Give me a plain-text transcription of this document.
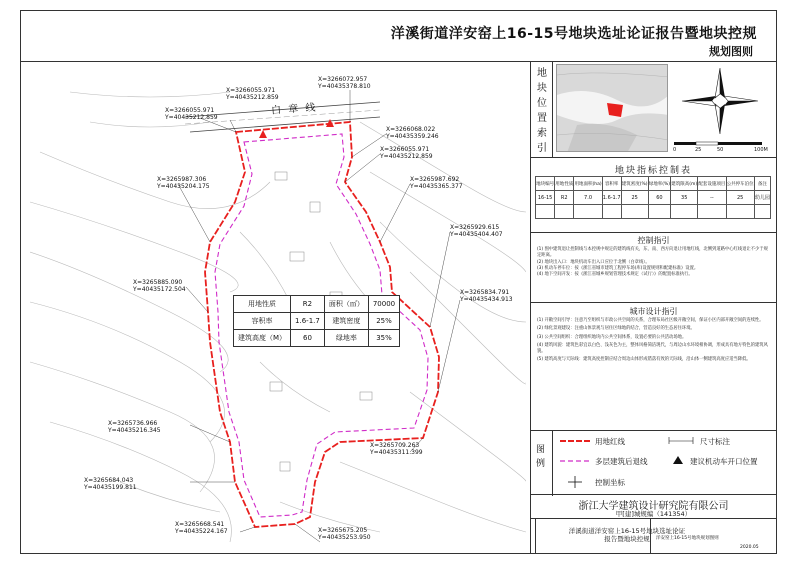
洋溪街道洋安窑上16-15号地块选址论证报告暨地块控规
规划图则
白 章 线
X=3266055.971
Y=40435212.859
X=3266072.957
Y=40435378.810
X=3266055.971
Y=40435212.859
X=3266068.022
Y=40435359.246
X=3266055.971
Y=40435212.859
X=3265987.306
Y=40435204.175
X=3265987.692
Y=40435365.377
X=3265929.615
Y=40435404.407
X=3265885.090
Y=40435172.504	X=3265834.791
Y=40435434.913
X=3265736.966
Y=40435216.345
X=3265709.263
Y=40435311.399
X=3265684.043
Y=40435199.811
X=3265668.541
Y=40435224.167	X=3265675.205
Y=40435253.950
用地性质	R2	面积（㎡）	70000
容积率	1.6-1.7	建筑密度	25%
建筑高度（M）	60	绿地率	35%
地
块
位
置
索
引	0	25	50	100M
地块指标控制表
地块编号	用地性质	用地面积(ha)	容积率	建筑密度(%)	绿地率(%)	建筑限高(m)	配套设施项目	公共停车泊位	备注
16-15	R2	7.0	1.6-1.7	25	60	35	--	25	幼儿园

控制指引
(1) 图中建筑退让控制线与本控规中规定的建筑线有关，东、南、西方向退让用地红线，北侧到道路中心红线退让不少于规定距离。
(2) 地块出入口：地块机动车出入口应位于北侧（白章线）。
(3) 机动车停车位：按《浙江省城市建筑工程停车场(库)设置规则和配建标准》设置。
(4) 地下空间开发：按《浙江省城乡规划管理技术规定（试行）》的配置标准执行。
城市设计指引
(1) 开敞空间引导：注意乃至组织与市政公共空间的关系，合理布局社区级开敞空间，保证小区内部开敞空间的连续性。
(2) 绿化景观建设：注重山体景观与居住区绿地的结合，营造良好的生态居住环境。
(3) 公共空间组织：合理组织地块内公共空间体系，设置必要的公共活动场地。
(4) 建筑风貌：建筑色彩宜以白色、浅灰色为主，整体风格简洁现代，与周边山水环境相协调，形成具有地方特色的建筑风貌。
(5) 建筑高度与天际线：建筑高度控制应结合周边山体形成错落有致的天际线，沿山体一侧建筑高度应适当降低。
图例
用地红线	尺寸标注
多层建筑后退线	建议机动车开口位置
控制坐标
浙江大学建筑设计研究院有限公司
甲[建]城规编（141354）
洋溪街道洋安窑上16-15号地块选址论证报告暨地块控规	洋安窑上16-15号地块规划图则
2020.05
